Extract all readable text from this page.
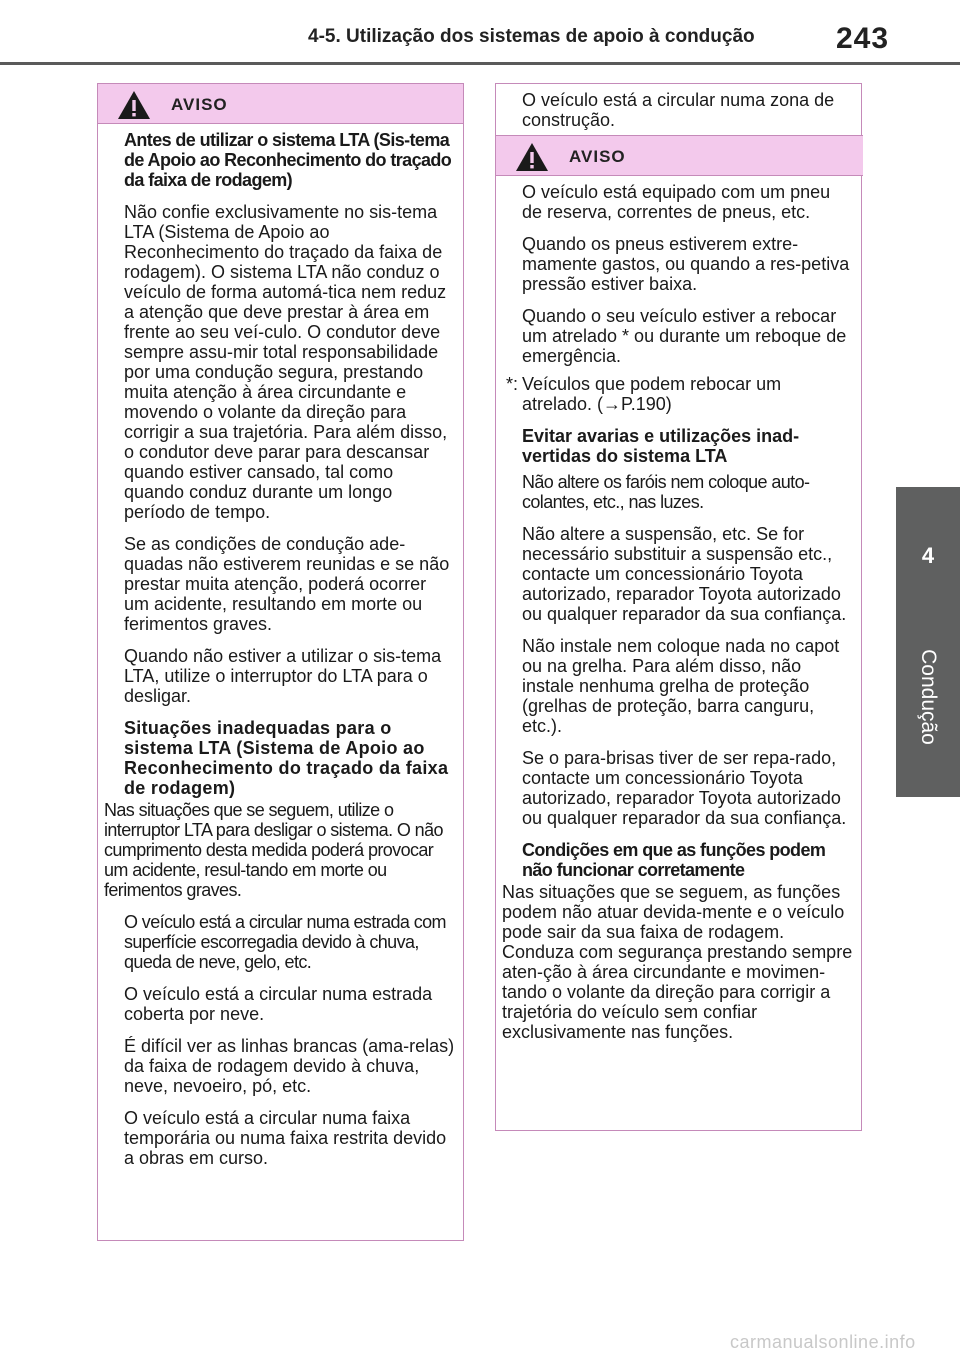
4-5. Utilização dos sistemas de apoio à condução	243
4
Condução
AVISO
Antes de utilizar o sistema LTA (Sis-tema de Apoio ao Reconhecimento do traçado da faixa de rodagem)
Não confie exclusivamente no sis-tema LTA (Sistema de Apoio ao Reconhecimento do traçado da faixa de rodagem). O sistema LTA não conduz o veículo de forma automá-tica nem reduz a atenção que deve prestar à área em frente ao seu veí-culo. O condutor deve sempre assu-mir total responsabilidade por uma condução segura, prestando muita atenção à área circundante e movendo o volante da direção para corrigir a sua trajetória. Para além disso, o condutor deve parar para descansar quando estiver cansado, tal como quando conduz durante um longo período de tempo.
Se as condições de condução ade-quadas não estiverem reunidas e se não prestar muita atenção, poderá ocorrer um acidente, resultando em morte ou ferimentos graves.
Quando não estiver a utilizar o sis-tema LTA, utilize o interruptor do LTA para o desligar.
Situações inadequadas para o sistema LTA (Sistema de Apoio ao Reconhecimento do traçado da faixa de rodagem)
Nas situações que se seguem, utilize o interruptor LTA para desligar o sistema. O não cumprimento desta medida poderá provocar um acidente, resul-tando em morte ou ferimentos graves.
O veículo está a circular numa estrada com superfície escorregadia devido à chuva, queda de neve, gelo, etc.
O veículo está a circular numa estrada coberta por neve.
É difícil ver as linhas brancas (ama-relas) da faixa de rodagem devido à chuva, neve, nevoeiro, pó, etc.
O veículo está a circular numa faixa temporária ou numa faixa restrita devido a obras em curso.
O veículo está a circular numa zona de construção.
AVISO
O veículo está equipado com um pneu de reserva, correntes de pneus, etc.
Quando os pneus estiverem extre-mamente gastos, ou quando a res-petiva pressão estiver baixa.
Quando o seu veículo estiver a rebocar um atrelado * ou durante um reboque de emergência.
*: Veículos que podem rebocar um atrelado. (→P.190)
Evitar avarias e utilizações inad-vertidas do sistema LTA
Não altere os faróis nem coloque auto-colantes, etc., nas luzes.
Não altere a suspensão, etc. Se for necessário substituir a suspensão etc., contacte um concessionário Toyota autorizado, reparador Toyota autorizado ou qualquer reparador da sua confiança.
Não instale nem coloque nada no capot ou na grelha. Para além disso, não instale nenhuma grelha de proteção (grelhas de proteção, barra canguru, etc.).
Se o para-brisas tiver de ser repa-rado, contacte um concessionário Toyota autorizado, reparador Toyota autorizado ou qualquer reparador da sua confiança.
Condições em que as funções podem não funcionar corretamente
Nas situações que se seguem, as funções podem não atuar devida-mente e o veículo pode sair da sua faixa de rodagem. Conduza com segurança prestando sempre aten-ção à área circundante e movimen-tando o volante da direção para corrigir a trajetória do veículo sem confiar exclusivamente nas funções.
carmanualsonline.info
